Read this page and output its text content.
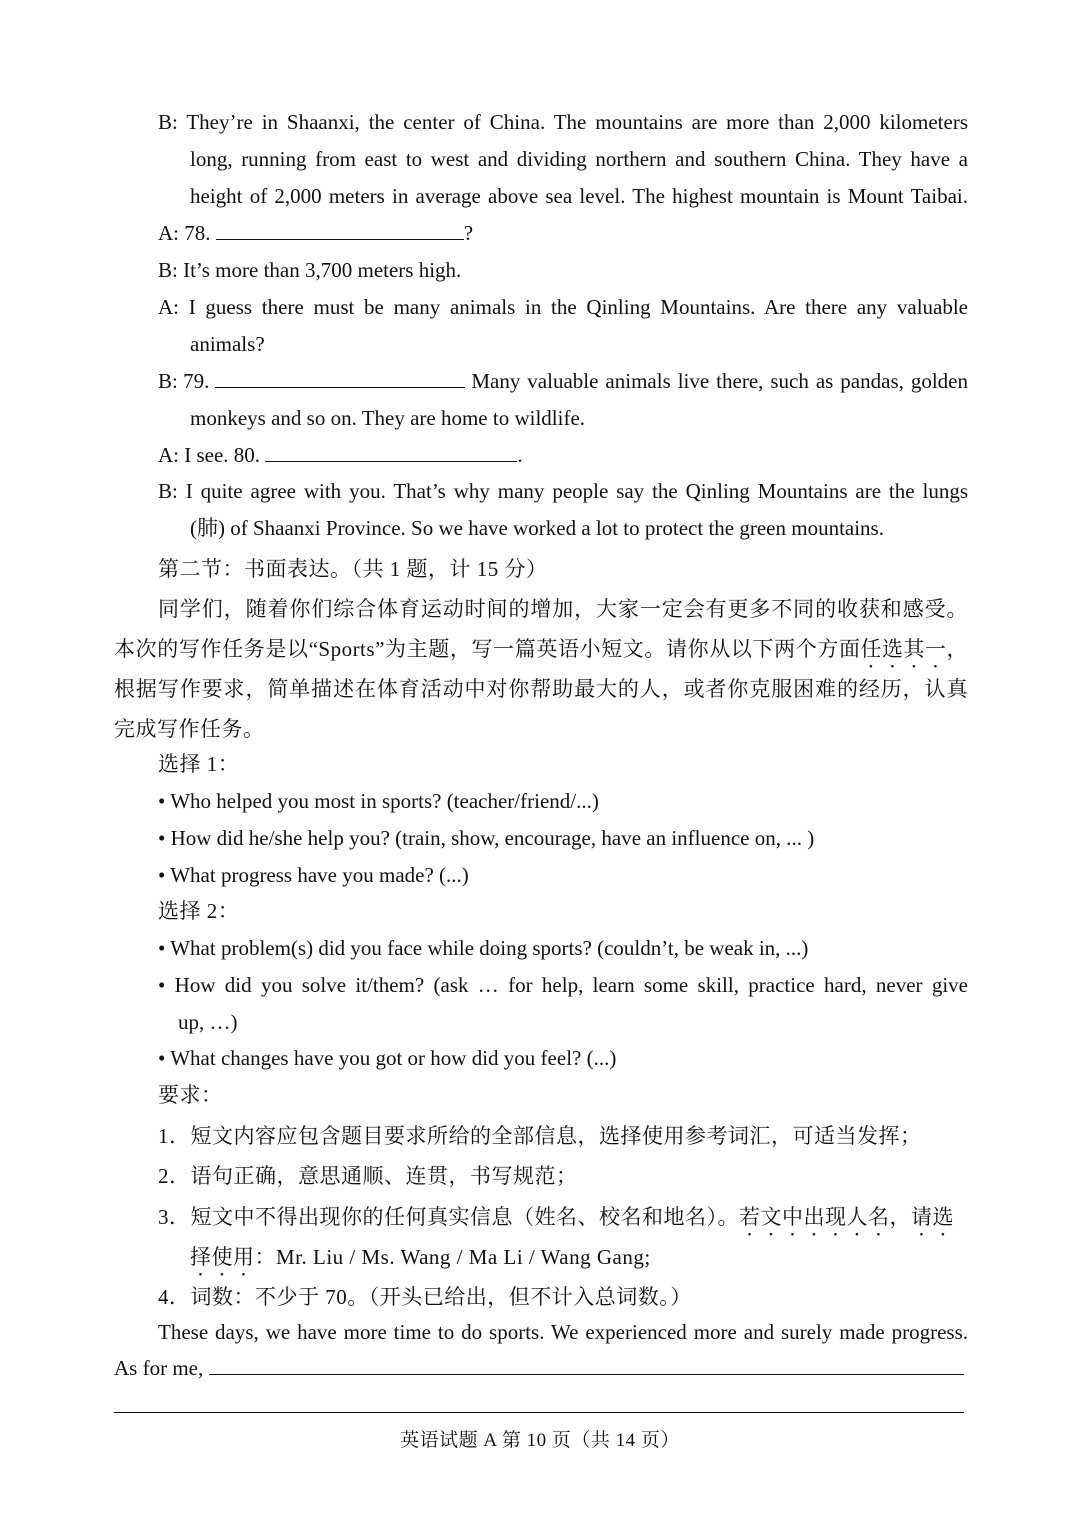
B: They’re in Shaanxi, the center of China. The mountains are more than 2,000 kilometers
long, running from east to west and dividing northern and southern China. They have a
height of 2,000 meters in average above sea level. The highest mountain is Mount Taibai.
A: 78.	?
B: It’s more than 3,700 meters high.
A: I guess there must be many animals in the Qinling Mountains. Are there any valuable
animals?
B: 79.	Many valuable animals live there, such as pandas, golden
monkeys and so on. They are home to wildlife.
A: I see. 80.	.
B: I quite agree with you. That’s why many people say the Qinling Mountains are the lungs
(肺) of Shaanxi Province. So we have worked a lot to protect the green mountains.
第二节：书面表达。（共 1 题，计 15 分）
同学们，随着你们综合体育运动时间的增加，大家一定会有更多不同的收获和感受。
本次的写作任务是以“Sports”为主题，写一篇英语小短文。请你从以下两个方面 任选其一 ，
根据写作要求，简单描述在体育活动中对你帮助最大的人，或者你克服困难的经历，认真
完成写作任务。
选择 1：
• Who helped you most in sports? (teacher/friend/...)
• How did he/she help you? (train, show, encourage, have an influence on, ... )
• What progress have you made? (...)
选择 2：
• What problem(s) did you face while doing sports? (couldn’t, be weak in, ...)
• How did you solve it/them? (ask … for help, learn some skill, practice hard, never give
up, …)
• What changes have you got or how did you feel? (...)
要求：
1．短文内容应包含题目要求所给的全部信息，选择使用参考词汇，可适当发挥；
2．语句正确，意思通顺、连贯，书写规范；
3．短文中不得出现你的任何真实信息（姓名、校名和地名）。 若文中出现人名，请选
择使用：Mr. Liu / Ms. Wang / Ma Li / Wang Gang;
4．词数：不少于 70。（开头已给出，但不计入总词数。）
These days, we have more time to do sports. We experienced more and surely made progress.
As for me,
英语试题 A 第 10 页（共 14 页）
